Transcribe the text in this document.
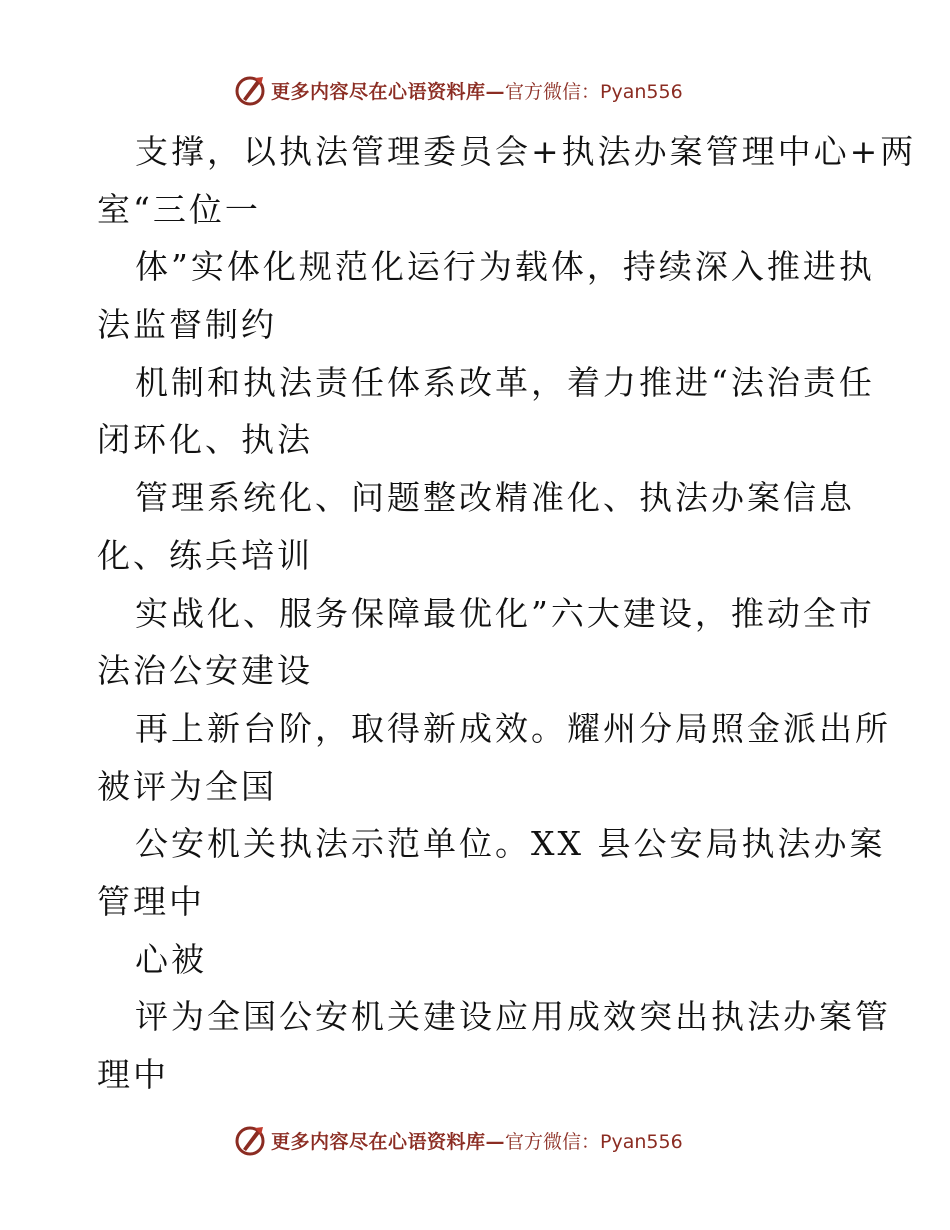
更多内容尽在心语资料库— 官方微信：Pyan556
支撑，以执法管理委员会+执法办案管理中心+两
室“三位一
体”实体化规范化运行为载体，持续深入推进执
法监督制约
机制和执法责任体系改革，着力推进“法治责任
闭环化、执法
管理系统化、问题整改精准化、执法办案信息
化、练兵培训
实战化、服务保障最优化”六大建设，推动全市
法治公安建设
再上新台阶，取得新成效。耀州分局照金派出所
被评为全国
公安机关执法示范单位。XX 县公安局执法办案
管理中
心被
评为全国公安机关建设应用成效突出执法办案管
理中
更多内容尽在心语资料库— 官方微信：Pyan556
